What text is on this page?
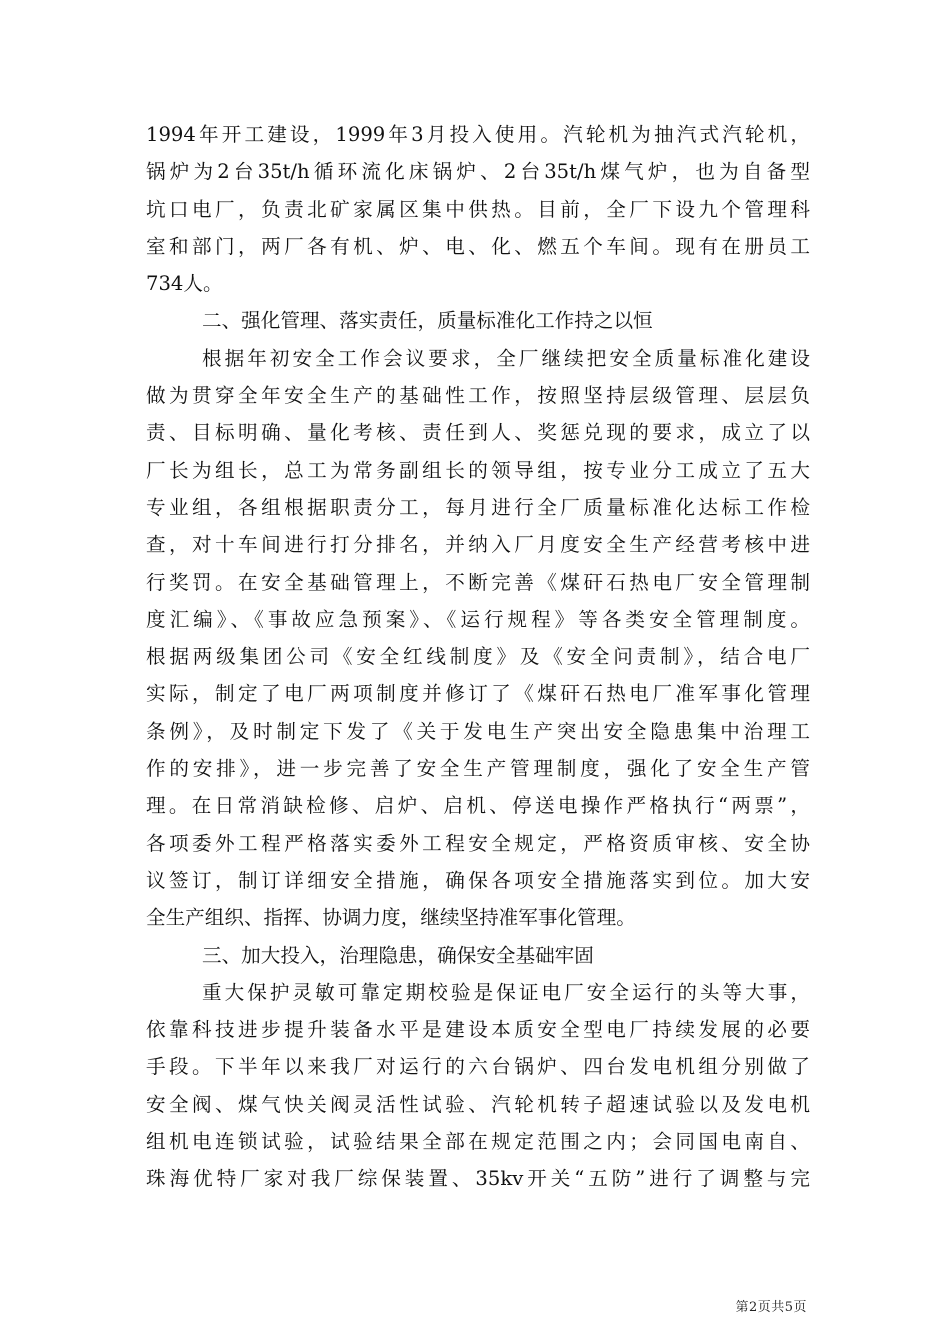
1994年开工建设，1999年3月投入使用。汽轮机为抽汽式汽轮机，
锅炉为2台35t/h循环流化床锅炉、2台35t/h煤气炉，也为自备型
坑口电厂，负责北矿家属区集中供热。目前，全厂下设九个管理科
室和部门，两厂各有机、炉、电、化、燃五个车间。现有在册员工
734人。
二、强化管理、落实责任，质量标准化工作持之以恒
根据年初安全工作会议要求，全厂继续把安全质量标准化建设
做为贯穿全年安全生产的基础性工作，按照坚持层级管理、层层负
责、目标明确、量化考核、责任到人、奖惩兑现的要求，成立了以
厂长为组长，总工为常务副组长的领导组，按专业分工成立了五大
专业组，各组根据职责分工，每月进行全厂质量标准化达标工作检
查，对十车间进行打分排名，并纳入厂月度安全生产经营考核中进
行奖罚。在安全基础管理上，不断完善《煤矸石热电厂安全管理制
度汇编》、《事故应急预案》、《运行规程》等各类安全管理制度。
根据两级集团公司《安全红线制度》及《安全问责制》，结合电厂
实际，制定了电厂两项制度并修订了《煤矸石热电厂准军事化管理
条例》，及时制定下发了《关于发电生产突出安全隐患集中治理工
作的安排》，进一步完善了安全生产管理制度，强化了安全生产管
理。在日常消缺检修、启炉、启机、停送电操作严格执行“两票”，
各项委外工程严格落实委外工程安全规定，严格资质审核、安全协
议签订，制订详细安全措施，确保各项安全措施落实到位。加大安
全生产组织、指挥、协调力度，继续坚持准军事化管理。
三、加大投入，治理隐患，确保安全基础牢固
重大保护灵敏可靠定期校验是保证电厂安全运行的头等大事，
依靠科技进步提升装备水平是建设本质安全型电厂持续发展的必要
手段。下半年以来我厂对运行的六台锅炉、四台发电机组分别做了
安全阀、煤气快关阀灵活性试验、汽轮机转子超速试验以及发电机
组机电连锁试验，试验结果全部在规定范围之内；会同国电南自、
珠海优特厂家对我厂综保装置、35kv开关“五防”进行了调整与完
第2页共5页
